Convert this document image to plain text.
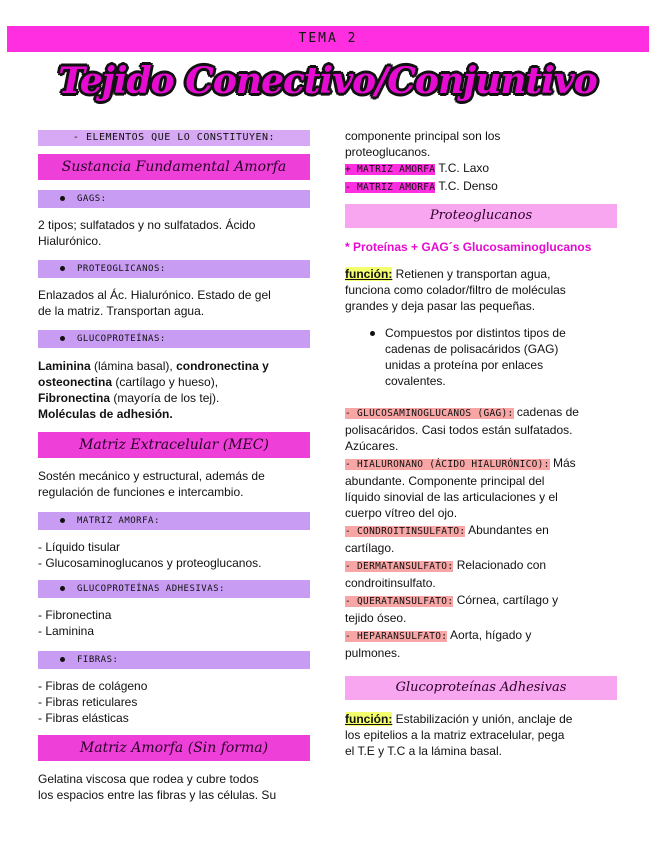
TEMA 2
Tejido Conectivo/Conjuntivo
- ELEMENTOS QUE LO CONSTITUYEN:
Sustancia Fundamental Amorfa
GAGS:
2 tipos; sulfatados y no sulfatados. Ácido
Hialurónico.
PROTEOGLICANOS:
Enlazados al Ác. Hialurónico. Estado de gel
de la matriz. Transportan agua.
GLUCOPROTEÍNAS:
Laminina (lámina basal), condronectina y
osteonectina (cartílago y hueso),
Fibronectina (mayoría de los tej).
Moléculas de adhesión.
Matriz Extracelular (MEC)
Sostén mecánico y estructural, además de
regulación de funciones e intercambio.
MATRIZ AMORFA:
- Líquido tisular
- Glucosaminoglucanos y proteoglucanos.
GLUCOPROTEÍNAS ADHESIVAS:
- Fibronectina
- Laminina
FIBRAS:
- Fibras de colágeno
- Fibras reticulares
- Fibras elásticas
Matriz Amorfa (Sin forma)
Gelatina viscosa que rodea y cubre todos
los espacios entre las fibras y las células. Su
componente principal son los
proteoglucanos.
+ MATRIZ AMORFA T.C. Laxo
- MATRIZ AMORFA T.C. Denso
Proteoglucanos
* Proteínas + GAG´s Glucosaminoglucanos
función: Retienen y transportan agua,
funciona como colador/filtro de moléculas
grandes y deja pasar las pequeñas.
Compuestos por distintos tipos de
cadenas de polisacáridos (GAG)
unidas a proteína por enlaces
covalentes.
- GLUCOSAMINOGLUCANOS (GAG): cadenas de
polisacáridos. Casi todos están sulfatados.
Azúcares.
- HIALURONANO (ÁCIDO HIALURÓNICO): Más
abundante. Componente principal del
líquido sinovial de las articulaciones y el
cuerpo vítreo del ojo.
- CONDROITINSULFATO: Abundantes en
cartílago.
- DERMATANSULFATO: Relacionado con
condroitinsulfato.
- QUERATANSULFATO: Córnea, cartílago y
tejido óseo.
- HEPARANSULFATO: Aorta, hígado y
pulmones.
Glucoproteínas Adhesivas
función: Estabilización y unión, anclaje de
los epitelios a la matriz extracelular, pega
el T.E y T.C a la lámina basal.
